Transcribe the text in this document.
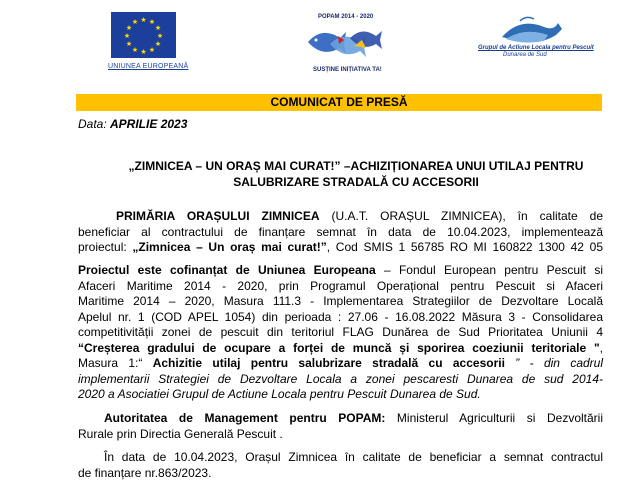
★ ★
★
★
★
★
★
★
★
★
★
★
UNIUNEA EUROPEANĂ
POPAM 2014 - 2020
SUSȚINE INIȚIATIVA TA!
Grupul de Actiune Locala pentru Pescuit
Dunarea de Sud
COMUNICAT DE PRESĂ
Data: APRILIE 2023
„ZIMNICEA – UN ORAȘ MAI CURAT!” –ACHIZIȚIONAREA UNUI UTILAJ PENTRU
SALUBRIZARE STRADALĂ CU ACCESORII

PRIMĂRIA ORAȘULUI ZIMNICEA (U.A.T. ORAȘUL ZIMNICEA), în calitate de

beneficiar al contractului de finanțare semnat în data de 10.04.2023, implementează

proiectul: „Zimnicea – Un oraș mai curat!”, Cod SMIS 1 56785 RO MI 160822 1300 42 05

Proiectul este cofinanțat de Uniunea Europeana – Fondul European pentru Pescuit si

Afaceri Maritime 2014 - 2020, prin Programul Operațional pentru Pescuit si Afaceri

Maritime 2014 – 2020, Masura 111.3 - Implementarea Strategiilor de Dezvoltare Locală

Apelul nr. 1 (COD APEL 1054) din perioada : 27.06 - 16.08.2022 Măsura 3 - Consolidarea

competitivității zonei de pescuit din teritoriul FLAG Dunărea de Sud Prioritatea Uniunii 4

“Creșterea gradului de ocupare a forței de muncă și sporirea coeziunii teritoriale ",

Masura 1:“ Achizitie utilaj pentru salubrizare stradală cu accesorii ” - din cadrul

implementarii Strategiei de Dezvoltare Locala a zonei pescaresti Dunarea de sud 2014-

2020 a Asociatiei Grupul de Actiune Locala pentru Pescuit Dunarea de Sud.

Autoritatea de Management pentru POPAM: Ministerul Agriculturii si Dezvoltării

Rurale prin Directia Generală Pescuit .

În data de 10.04.2023, Orașul Zimnicea în calitate de beneficiar a semnat contractul

de finanțare nr.863/2023.
